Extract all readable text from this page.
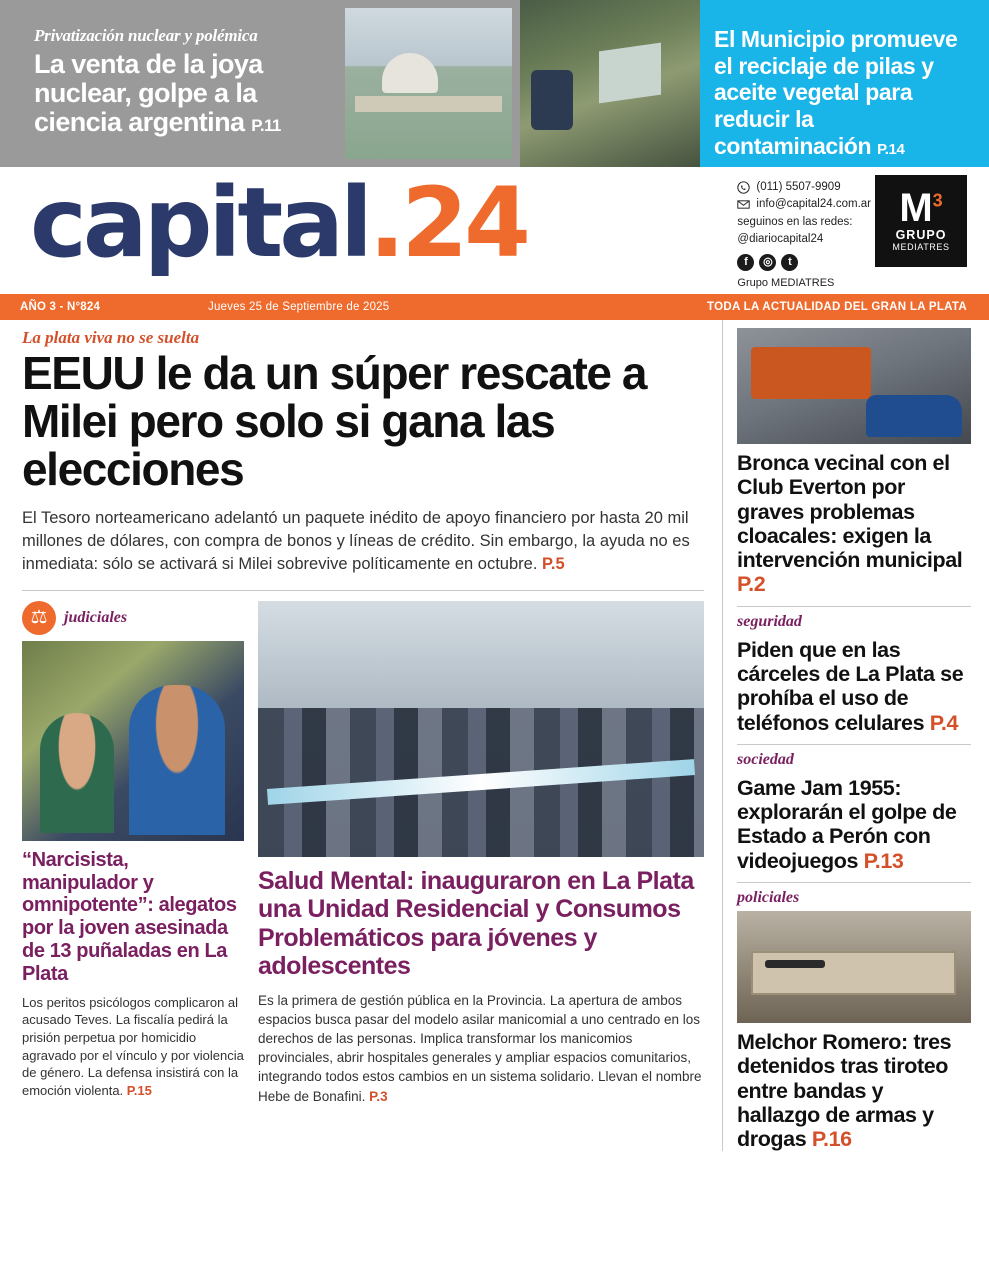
Privatización nuclear y polémica
La venta de la joya nuclear, golpe a la ciencia argentina P.11
El Municipio promueve el reciclaje de pilas y aceite vegetal para reducir la contaminación P.14
capital.24	(011) 5507-9909
info@capital24.com.ar
seguinos en las redes:
@diariocapital24
f	◎	t
Grupo MEDIATRES
$M^3$
GRUPO
MEDIATRES
AÑO 3 - N°824	Jueves 25 de Septiembre de 2025	TODA LA ACTUALIDAD DEL GRAN LA PLATA
La plata viva no se suelta
EEUU le da un súper rescate a Milei pero solo si gana las elecciones
El Tesoro norteamericano adelantó un paquete inédito de apoyo financiero por hasta 20 mil millones de dólares, con compra de bonos y líneas de crédito. Sin embargo, la ayuda no es inmediata: sólo se activará si Milei sobrevive políticamente en octubre. P.5
⚖	judiciales
“Narcisista, manipulador y omnipotente”: alegatos por la joven asesinada de 13 puñaladas en La Plata
Los peritos psicólogos complicaron al acusado Teves. La fiscalía pedirá la prisión perpetua por homicidio agravado por el vínculo y por violencia de género. La defensa insistirá con la emoción violenta. P.15
Salud Mental: inauguraron en La Plata una Unidad Residencial y Consumos Problemáticos para jóvenes y adolescentes
Es la primera de gestión pública en la Provincia. La apertura de ambos espacios busca pasar del modelo asilar manicomial a uno centrado en los derechos de las personas. Implica transformar los manicomios provinciales, abrir hospitales generales y ampliar espacios comunitarios, integrando todos estos cambios en un sistema solidario. Llevan el nombre Hebe de Bonafini. P.3
Bronca vecinal con el Club Everton por graves problemas cloacales: exigen la intervención municipal P.2
seguridad
Piden que en las cárceles de La Plata se prohíba el uso de teléfonos celulares P.4
sociedad
Game Jam 1955: explorarán el golpe de Estado a Perón con videojuegos P.13
policiales
Melchor Romero: tres detenidos tras tiroteo entre bandas y hallazgo de armas y drogas P.16
